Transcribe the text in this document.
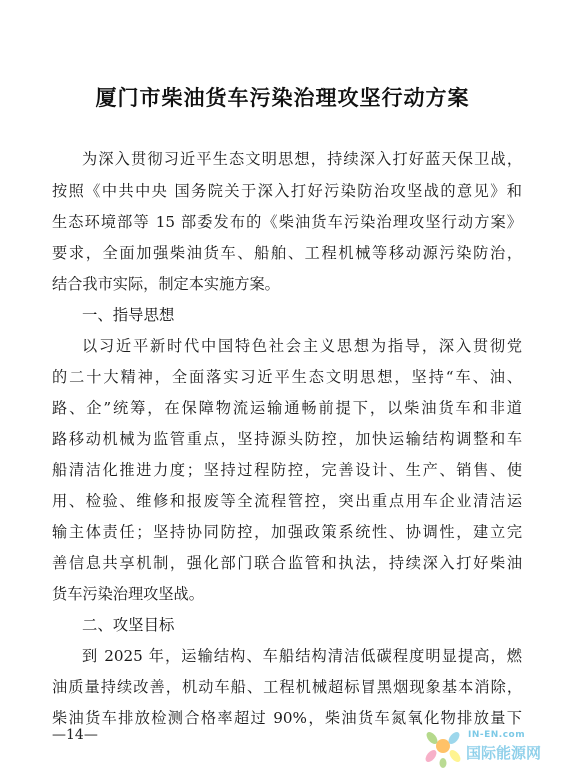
厦门市柴油货车污染治理攻坚行动方案
为深入贯彻习近平生态文明思想，持续深入打好蓝天保卫战，
按照《中共中央 国务院关于深入打好污染防治攻坚战的意见》和
生态环境部等 15 部委发布的《柴油货车污染治理攻坚行动方案》
要求，全面加强柴油货车、船舶、工程机械等移动源污染防治，
结合我市实际，制定本实施方案。
一、指导思想
以习近平新时代中国特色社会主义思想为指导，深入贯彻党
的二十大精神，全面落实习近平生态文明思想，坚持“车、油、
路、企”统筹，在保障物流运输通畅前提下，以柴油货车和非道
路移动机械为监管重点，坚持源头防控，加快运输结构调整和车
船清洁化推进力度；坚持过程防控，完善设计、生产、销售、使
用、检验、维修和报废等全流程管控，突出重点用车企业清洁运
输主体责任；坚持协同防控，加强政策系统性、协调性，建立完
善信息共享机制，强化部门联合监管和执法，持续深入打好柴油
货车污染治理攻坚战。
二、攻坚目标
到 2025 年，运输结构、车船结构清洁低碳程度明显提高，燃
油质量持续改善，机动车船、工程机械超标冒黑烟现象基本消除，
柴油货车排放检测合格率超过 90%，柴油货车氮氧化物排放量下
—14—	IN-EN.com
国际能源网
